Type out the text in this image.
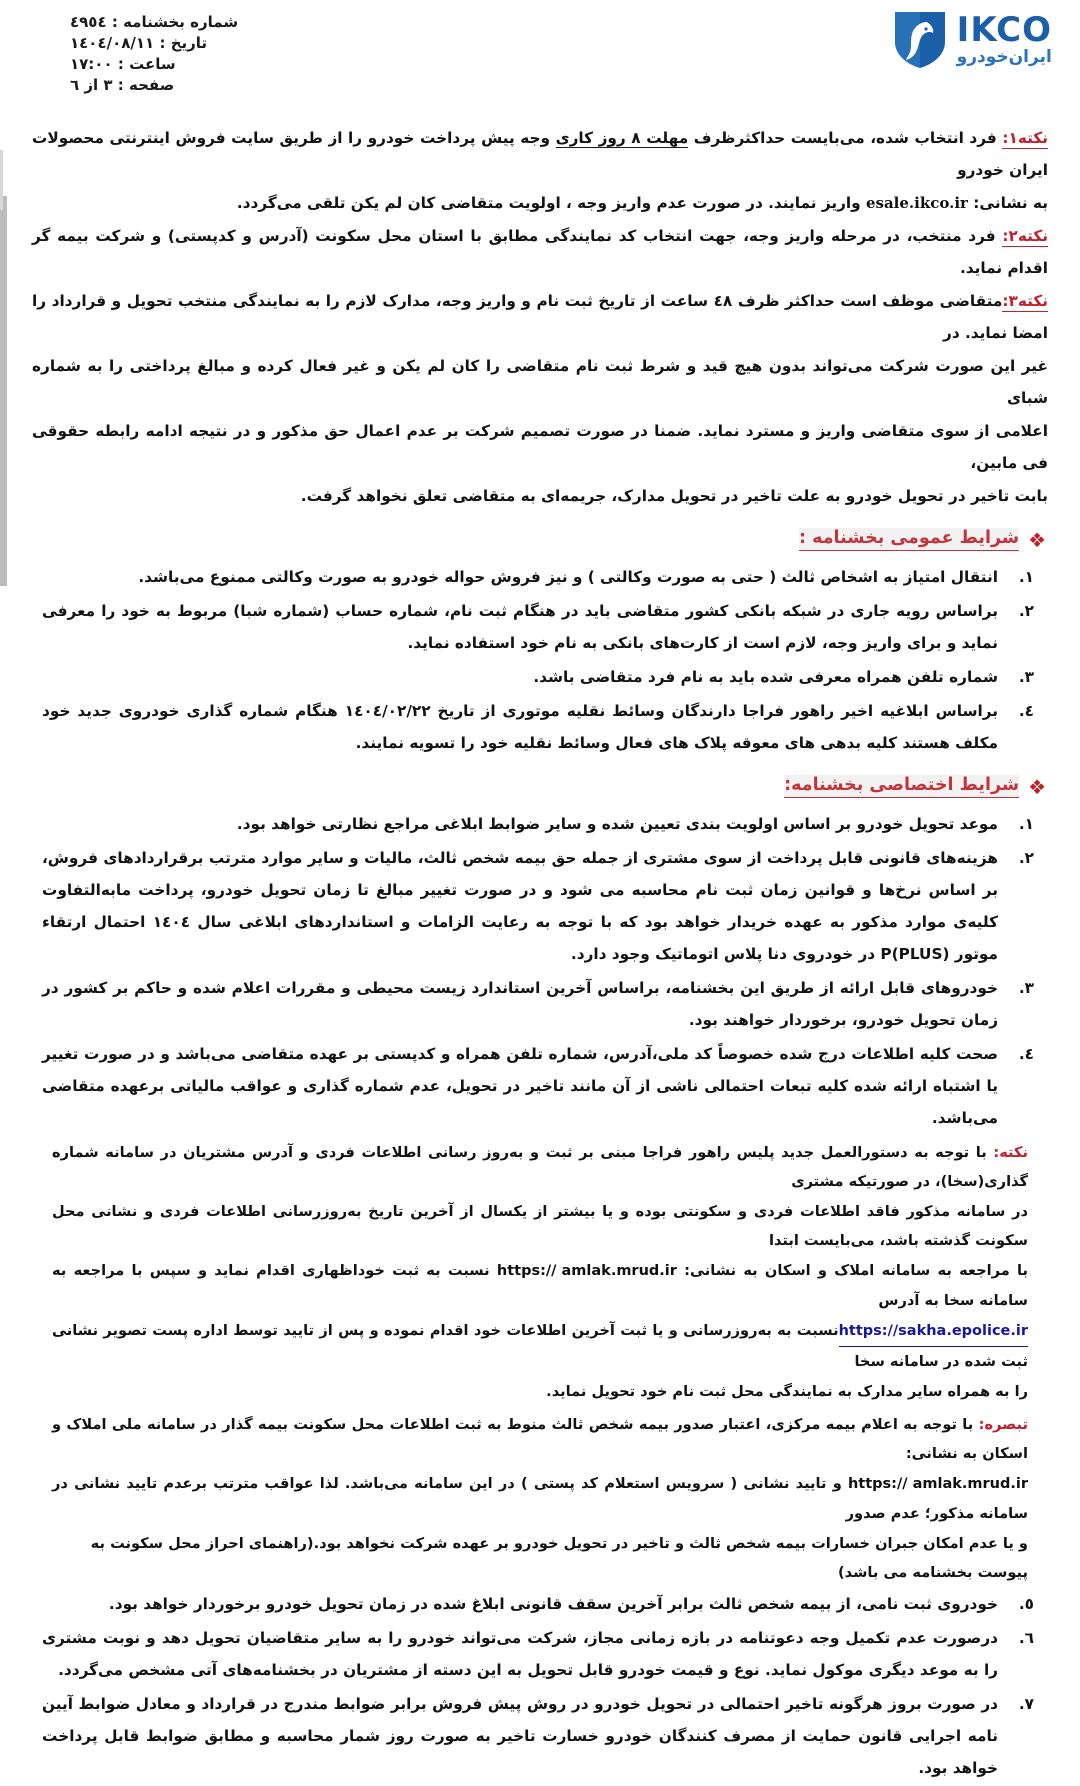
شماره بخشنامه : ٤٩٥٤
تاریخ : ١٤٠٤/٠٨/١١
ساعت : ١٧:٠٠
صفحه : ٣ از ٦
IKCO
ایران‌خودرو

نکته١: فرد انتخاب شده، می‌بایست حداکثرظرف مهلت ٨ روز کاری وجه پیش پرداخت خودرو را از طریق سایت فروش اینترنتی محصولات ایران خودرو

به نشانی: esale.ikco.ir واریز نمایند. در صورت عدم واریز وجه ، اولویت متقاضی کان لم یکن تلقی می‌گردد.

نکته٢: فرد منتخب، در مرحله واریز وجه، جهت انتخاب کد نمایندگی مطابق با استان محل سکونت (آدرس و کدپستی) و شرکت بیمه گر اقدام نماید.

نکته٣:متقاضی موظف است حداکثر ظرف ٤٨ ساعت از تاریخ ثبت نام و واریز وجه، مدارک لازم را به نمایندگی منتخب تحویل و قرارداد را امضا نماید. در

غیر این صورت شرکت می‌تواند بدون هیچ قید و شرط ثبت نام متقاضی را کان لم یکن و غیر فعال کرده و مبالغ پرداختی را به شماره شبای

اعلامی از سوی متقاضی واریز و مسترد نماید. ضمنا در صورت تصمیم شرکت بر عدم اعمال حق مذکور و در نتیجه ادامه رابطه حقوقی فی مابین،

بابت تاخیر در تحویل خودرو به علت تاخیر در تحویل مدارک، جریمه‌ای به متقاضی تعلق نخواهد گرفت.

❖
شرایط عمومی بخشنامه :
١.
انتقال امتیاز به اشخاص ثالث ( حتی به صورت وکالتی ) و نیز فروش حواله خودرو به صورت وکالتی ممنوع می‌باشد.
٢.
براساس رویه جاری در شبکه بانکی کشور متقاضی باید در هنگام ثبت نام، شماره حساب (شماره شبا) مربوط به خود را معرفی نماید و برای واریز وجه، لازم است از کارت‌های بانکی به نام خود استفاده نماید.
٣.
شماره تلفن همراه معرفی شده باید به نام فرد متقاضی باشد.
٤.
براساس ابلاغیه اخیر راهور فراجا دارندگان وسائط نقلیه موتوری از تاریخ ١٤٠٤/٠٢/٢٢ هنگام شماره گذاری خودروی جدید خود مکلف هستند کلیه بدهی های معوقه پلاک های فعال وسائط نقلیه خود را تسویه نمایند.
❖
شرایط اختصاصی بخشنامه:
١.
موعد تحویل خودرو بر اساس اولویت بندی تعیین شده و سایر ضوابط ابلاغی مراجع نظارتی خواهد بود.
٢.
هزینه‌های قانونی قابل پرداخت از سوی مشتری از جمله حق بیمه شخص ثالث، مالیات و سایر موارد مترتب برقراردادهای فروش، بر اساس نرخ‌ها و قوانین زمان ثبت نام محاسبه می شود و در صورت تغییر مبالغ تا زمان تحویل خودرو، پرداخت مابه‌التفاوت کلیه‌ی موارد مذکور به عهده خریدار خواهد بود که با توجه به رعایت الزامات و استانداردهای ابلاغی سال ١٤٠٤ احتمال ارتقاء موتور P(PLUS) در خودروی دنا پلاس اتوماتیک وجود دارد.
٣.
خودروهای قابل ارائه از طریق این بخشنامه، براساس آخرین استاندارد زیست محیطی و مقررات اعلام شده و حاکم بر کشور در زمان تحویل خودرو، برخوردار خواهند بود.
٤.
صحت کلیه اطلاعات درج شده خصوصاً کد ملی،آدرس، شماره تلفن همراه و کدپستی بر عهده متقاضی می‌باشد و در صورت تغییر یا اشتباه ارائه شده کلیه تبعات احتمالی ناشی از آن مانند تاخیر در تحویل، عدم شماره گذاری و عواقب مالیاتی برعهده متقاضی می‌باشد.

نکته: با توجه به دستورالعمل جدید پلیس راهور فراجا مبنی بر ثبت و به‌روز رسانی اطلاعات فردی و آدرس مشتریان در سامانه شماره گذاری(سخا)، در صورتیکه مشتری

در سامانه مذکور فاقد اطلاعات فردی و سکونتی بوده و یا بیشتر از یکسال از آخرین تاریخ به‌روزرسانی اطلاعات فردی و نشانی محل سکونت گذشته باشد، می‌بایست ابتدا

با مراجعه به سامانه املاک و اسکان به نشانی: https:// amlak.mrud.ir نسبت به ثبت خوداظهاری اقدام نماید و سپس با مراجعه به سامانه سخا به آدرس

https://sakha.epolice.irنسبت به به‌روزرسانی و یا ثبت آخرین اطلاعات خود اقدام نموده و پس از تایید توسط اداره پست تصویر نشانی ثبت شده در سامانه سخا

را به همراه سایر مدارک به نمایندگی محل ثبت نام خود تحویل نماید.

تبصره: با توجه به اعلام بیمه مرکزی، اعتبار صدور بیمه شخص ثالث منوط به ثبت اطلاعات محل سکونت بیمه گذار در سامانه ملی املاک و اسکان به نشانی:

https:// amlak.mrud.ir و تایید نشانی ( سرویس استعلام کد پستی ) در این سامانه می‌باشد. لذا عواقب مترتب برعدم تایید نشانی در سامانه مذکور؛ عدم صدور

و یا عدم امکان جبران خسارات بیمه شخص ثالث و تاخیر در تحویل خودرو بر عهده شرکت نخواهد بود.(راهنمای احراز محل سکونت به پیوست بخشنامه می باشد)

٥.
خودروی ثبت نامی، از بیمه شخص ثالث برابر آخرین سقف قانونی ابلاغ شده در زمان تحویل خودرو برخوردار خواهد بود.
٦.
درصورت عدم تکمیل وجه دعوتنامه در بازه زمانی مجاز، شرکت می‌تواند خودرو را به سایر متقاضیان تحویل دهد و نوبت مشتری را به موعد دیگری موکول نماید. نوع و قیمت خودرو قابل تحویل به این دسته از مشتریان در بخشنامه‌های آتی مشخص می‌گردد.
٧.
در صورت بروز هرگونه تاخیر احتمالی در تحویل خودرو در روش پیش فروش برابر ضوابط مندرج در قرارداد و معادل ضوابط آیین نامه اجرایی قانون حمایت از مصرف کنندگان خودرو خسارت تاخیر به صورت روز شمار محاسبه و مطابق ضوابط قابل پرداخت خواهد بود.
